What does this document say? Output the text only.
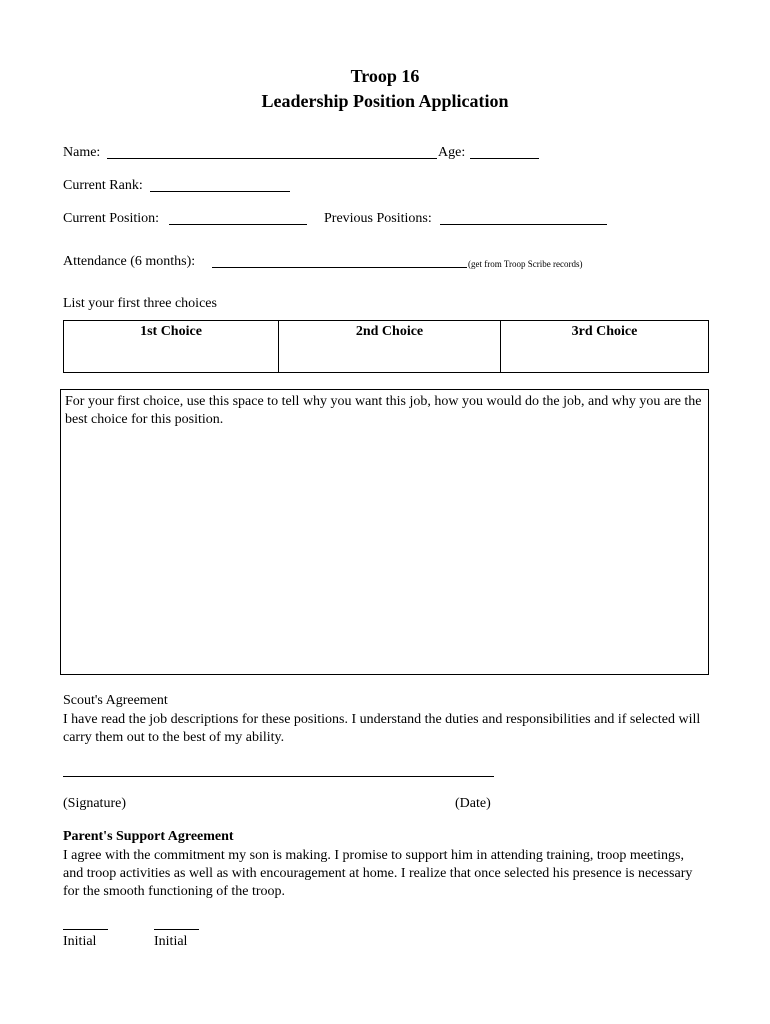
Troop 16
Leadership Position Application
Name:	Age:
Current Rank:
Current Position:	Previous Positions:
Attendance (6 months):	(get from Troop Scribe records)
List your first three choices
1st Choice	2nd Choice	3rd Choice
For your first choice, use this space to tell why you want this job, how you would do the job, and why you are the best choice for this position.
Scout's Agreement
I have read the job descriptions for these positions. I understand the duties and responsibilities and if selected will carry them out to the best of my ability.
(Signature)	(Date)
Parent's Support Agreement
I agree with the commitment my son is making. I promise to support him in attending training, troop meetings, and troop activities as well as with encouragement at home. I realize that once selected his presence is necessary for the smooth functioning of the troop.
Initial	Initial
